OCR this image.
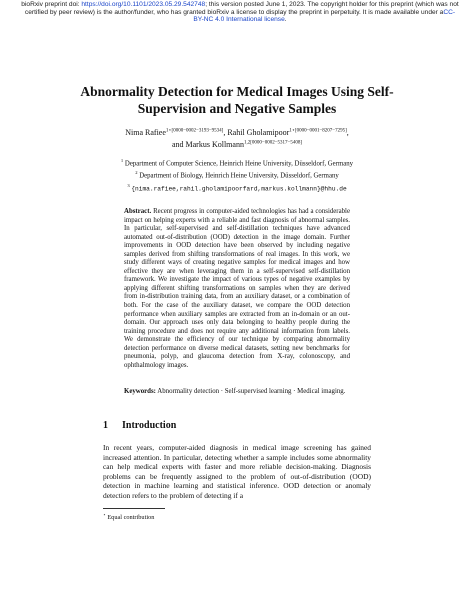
bioRxiv preprint doi: https://doi.org/10.1101/2023.05.29.542748; this version posted June 1, 2023. The copyright holder for this preprint (which was not certified by peer review) is the author/funder, who has granted bioRxiv a license to display the preprint in perpetuity. It is made available under aCC-BY-NC 4.0 International license.
Abnormality Detection for Medical Images Using Self-Supervision and Negative Samples
Nima Rafiee$^{1⋆[0000-0002-3193-9534]}$, Rahil Gholamipoor$^{1⋆[0000-0001-8207-7295]}$,
and Markus Kollmann$^{1,2[0000-0002-5317-5408]}$
$^1$ Department of Computer Science, Heinrich Heine University, Düsseldorf, Germany
$^2$ Department of Biology, Heinrich Heine University, Düsseldorf, Germany
$^3$ {nima.rafiee,rahil.gholamipoorfard,markus.kollmann}@hhu.de
Abstract. Recent progress in computer-aided technologies has had a considerable impact on helping experts with a reliable and fast diagnosis of abnormal samples. In particular, self-supervised and self-distillation techniques have advanced automated out-of-distribution (OOD) detection in the image domain. Further improvements in OOD detection have been observed by including negative samples derived from shifting transformations of real images. In this work, we study different ways of creating negative samples for medical images and how effective they are when leveraging them in a self-supervised self-distillation framework. We investigate the impact of various types of negative examples by applying different shifting transformations on samples when they are derived from in-distribution training data, from an auxiliary dataset, or a combination of both. For the case of the auxiliary dataset, we compare the OOD detection performance when auxiliary samples are extracted from an in-domain or an out-domain. Our approach uses only data belonging to healthy people during the training procedure and does not require any additional information from labels. We demonstrate the efficiency of our technique by comparing abnormality detection performance on diverse medical datasets, setting new benchmarks for pneumonia, polyp, and glaucoma detection from X-ray, colonoscopy, and ophthalmology images.
Keywords: Abnormality detection · Self-supervised learning · Medical imaging.
1 Introduction
In recent years, computer-aided diagnosis in medical image screening has gained increased attention. In particular, detecting whether a sample includes some abnormality can help medical experts with faster and more reliable decision-making. Diagnosis problems can be frequently assigned to the problem of out-of-distribution (OOD) detection in machine learning and statistical inference. OOD detection or anomaly detection refers to the problem of detecting if a
⋆ Equal contribution
